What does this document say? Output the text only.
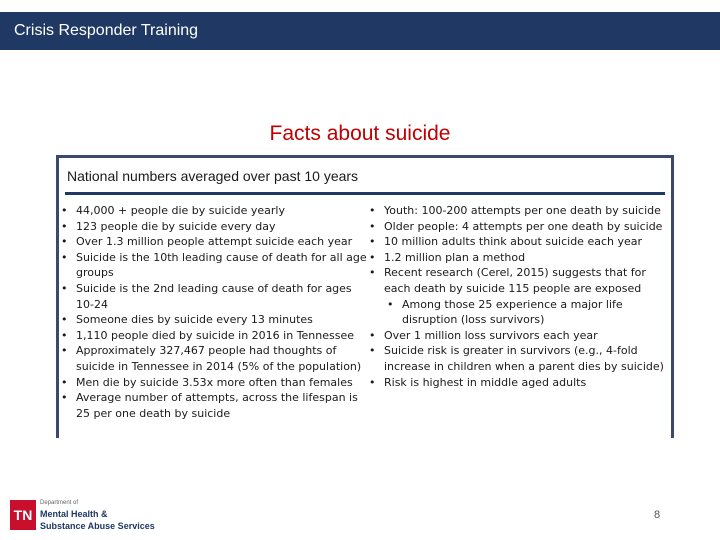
Crisis Responder Training
Facts about suicide
National numbers averaged over past 10 years
• 44,000 + people die by suicide yearly
• 123 people die by suicide every day
• Over 1.3 million people attempt suicide each year
• Suicide is the 10th leading cause of death for all age groups
• Suicide is the 2nd leading cause of death for ages 10-24
• Someone dies by suicide every 13 minutes
• 1,110 people died by suicide in 2016 in Tennessee
• Approximately 327,467 people had thoughts of suicide in Tennessee in 2014 (5% of the population)
• Men die by suicide 3.53x more often than females
• Average number of attempts, across the lifespan is 25 per one death by suicide
• Youth: 100-200 attempts per one death by suicide
• Older people: 4 attempts per one death by suicide
• 10 million adults think about suicide each year
• 1.2 million plan a method
• Recent research (Cerel, 2015) suggests that for each death by suicide 115 people are exposed
• Among those 25 experience a major life disruption (loss survivors)
• Over 1 million loss survivors each year
• Suicide risk is greater in survivors (e.g., 4-fold increase in children when a parent dies by suicide)
• Risk is highest in middle aged adults
TN
Department of
Mental Health &
Substance Abuse Services
8
